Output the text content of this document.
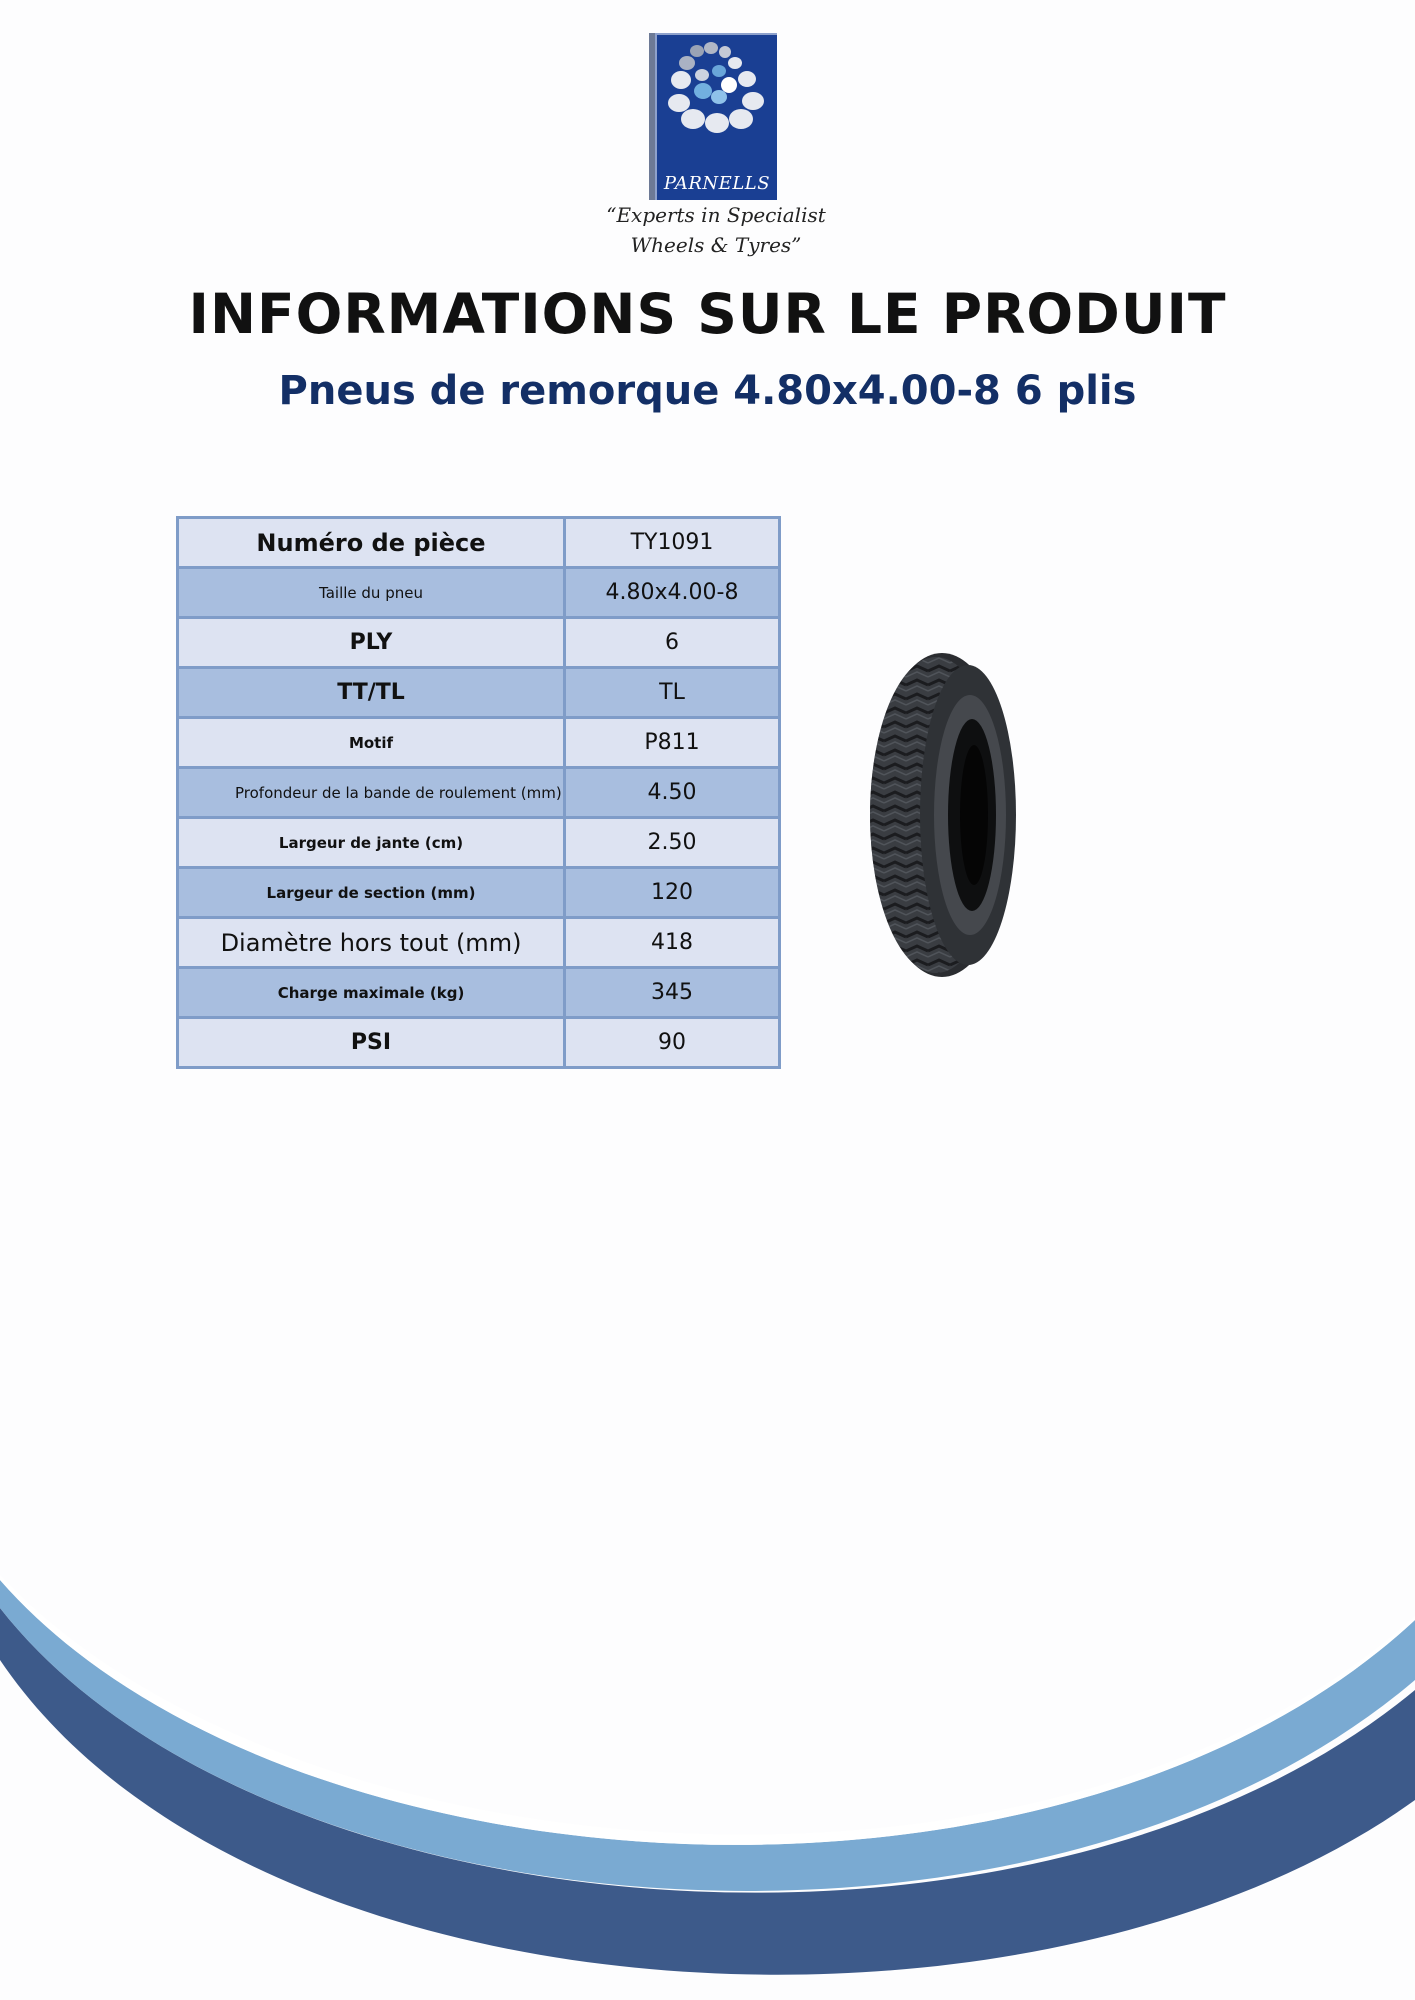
PARNELLS
“Experts in Specialist
Wheels & Tyres”
INFORMATIONS SUR LE PRODUIT
Pneus de remorque 4.80x4.00-8 6 plis
Numéro de pièce	TY1091
Taille du pneu	4.80x4.00-8
PLY	6
TT/TL	TL
Motif	P811
Profondeur de la bande de roulement (mm)	4.50
Largeur de jante (cm)	2.50
Largeur de section (mm)	120
Diamètre hors tout (mm)	418
Charge maximale (kg)	345
PSI	90
